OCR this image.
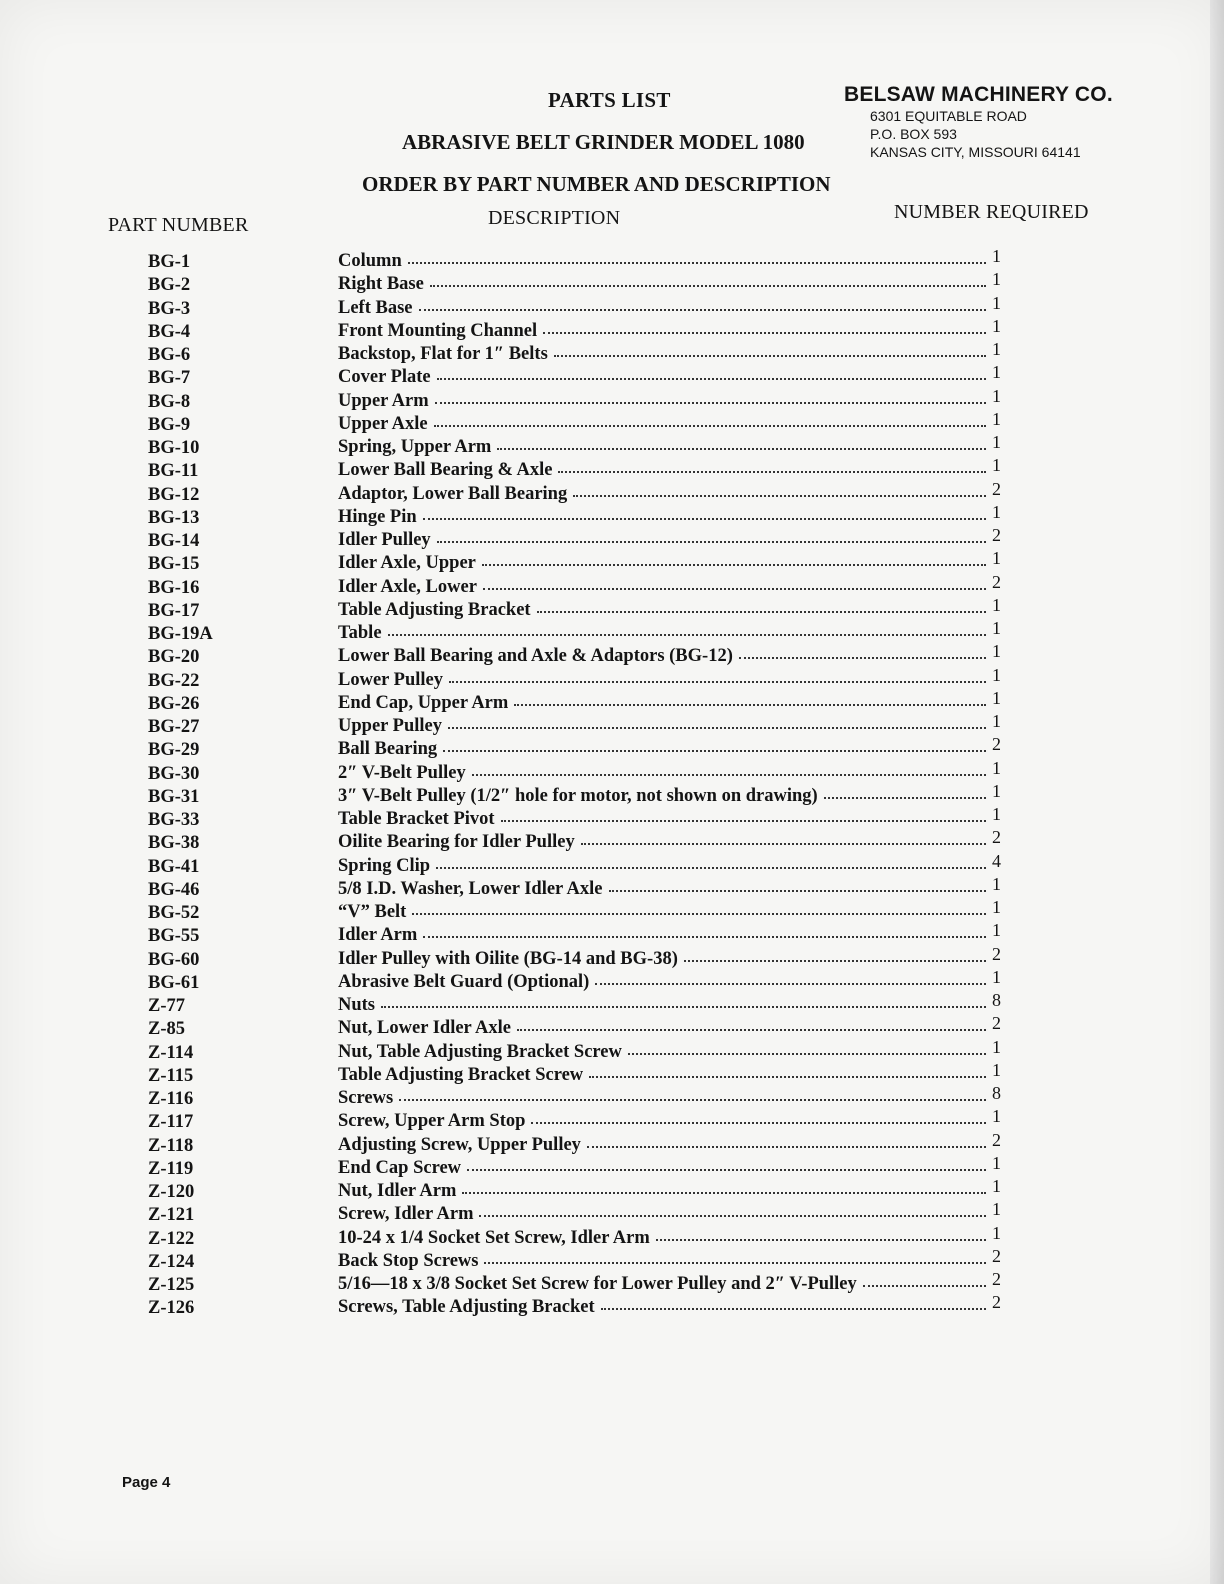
PARTS LIST
ABRASIVE BELT GRINDER MODEL 1080
ORDER BY PART NUMBER AND DESCRIPTION
BELSAW MACHINERY CO.
6301 EQUITABLE ROAD
P.O. BOX 593
KANSAS CITY, MISSOURI 64141
PART NUMBER	DESCRIPTION	NUMBER REQUIRED
BG-1	Column	1
BG-2	Right Base	1
BG-3	Left Base	1
BG-4	Front Mounting Channel	1
BG-6	Backstop, Flat for 1″ Belts	1
BG-7	Cover Plate	1
BG-8	Upper Arm	1
BG-9	Upper Axle	1
BG-10	Spring, Upper Arm	1
BG-11	Lower Ball Bearing & Axle	1
BG-12	Adaptor, Lower Ball Bearing	2
BG-13	Hinge Pin	1
BG-14	Idler Pulley	2
BG-15	Idler Axle, Upper	1
BG-16	Idler Axle, Lower	2
BG-17	Table Adjusting Bracket	1
BG-19A	Table	1
BG-20	Lower Ball Bearing and Axle & Adaptors (BG-12)	1
BG-22	Lower Pulley	1
BG-26	End Cap, Upper Arm	1
BG-27	Upper Pulley	1
BG-29	Ball Bearing	2
BG-30	2″ V-Belt Pulley	1
BG-31	3″ V-Belt Pulley (1/2″ hole for motor, not shown on drawing)	1
BG-33	Table Bracket Pivot	1
BG-38	Oilite Bearing for Idler Pulley	2
BG-41	Spring Clip	4
BG-46	5/8 I.D. Washer, Lower Idler Axle	1
BG-52	“V” Belt	1
BG-55	Idler Arm	1
BG-60	Idler Pulley with Oilite (BG-14 and BG-38)	2
BG-61	Abrasive Belt Guard (Optional)	1
Z-77	Nuts	8
Z-85	Nut, Lower Idler Axle	2
Z-114	Nut, Table Adjusting Bracket Screw	1
Z-115	Table Adjusting Bracket Screw	1
Z-116	Screws	8
Z-117	Screw, Upper Arm Stop	1
Z-118	Adjusting Screw, Upper Pulley	2
Z-119	End Cap Screw	1
Z-120	Nut, Idler Arm	1
Z-121	Screw, Idler Arm	1
Z-122	10-24 x 1/4 Socket Set Screw, Idler Arm	1
Z-124	Back Stop Screws	2
Z-125	5/16—18 x 3/8 Socket Set Screw for Lower Pulley and 2″ V-Pulley	2
Z-126	Screws, Table Adjusting Bracket	2
Page 4
